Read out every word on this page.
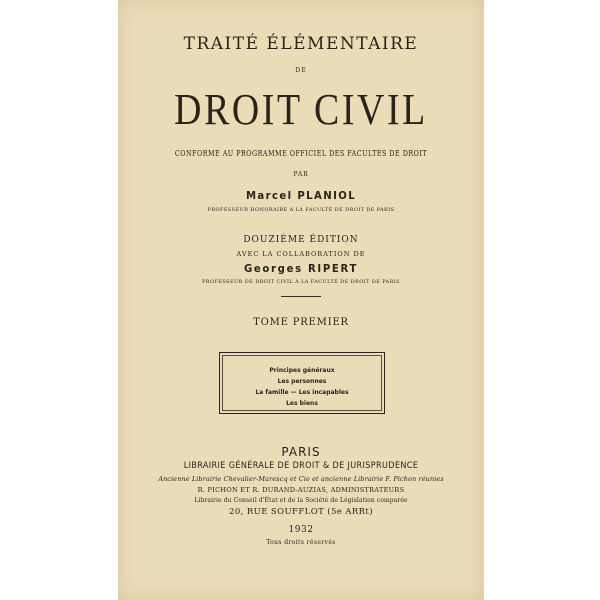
TRAITÉ ÉLÉMENTAIRE
DE
DROIT CIVIL
CONFORME AU PROGRAMME OFFICIEL DES FACULTÉS DE DROIT
PAR
Marcel PLANIOL
PROFESSEUR HONORAIRE A LA FACULTÉ DE DROIT DE PARIS
DOUZIÈME ÉDITION
AVEC LA COLLABORATION DE
Georges RIPERT
PROFESSEUR DE DROIT CIVIL A LA FACULTÉ DE DROIT DE PARIS
TOME PREMIER
Principes généraux
Les personnes
La famille — Les incapables
Les biens
PARIS
LIBRAIRIE GÉNÉRALE DE DROIT & DE JURISPRUDENCE
Ancienne Librairie Chevalier-Marescq et Cie et ancienne Librairie F. Pichon réunies
R. PICHON ET R. DURAND-AUZIAS, ADMINISTRATEURS
Librairie du Conseil d'État et de la Société de Législation comparée
20, RUE SOUFFLOT (5e ARRt)
1932
Tous droits réservés
